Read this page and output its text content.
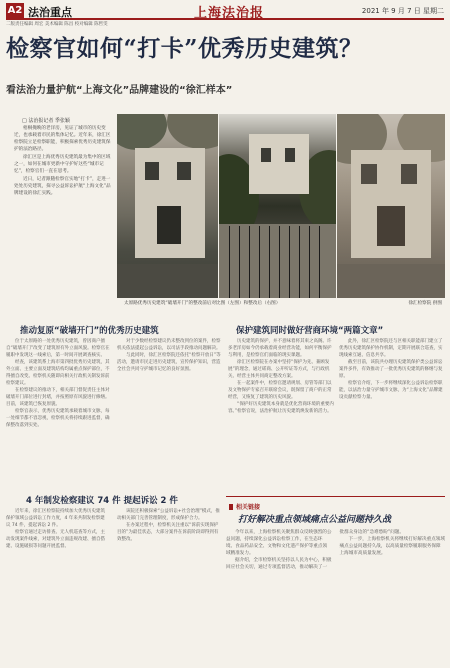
A2 法治重点	上海法治报	2021 年 9 月 7 日 星期二
二版责任编辑 周宏 美术编辑 陈昌 校对编辑 陈哲雯
检察官如何“打卡”优秀历史建筑？
看法治力量护航“上海文化”品牌建设的“徐汇样本”
□ 法治报记者 季张颖

梧桐掩映的老洋房，见证了城市的历史变迁，也承载着市民的集体记忆。近年来，徐汇区检察院立足检察职能，积极探索优秀历史建筑保护的法治路径。

徐汇区是上海优秀历史建筑最为集中的区域之一，如何在城市更新中守护好这些“城市记忆”，检察官们一直在思考。

近日，记者跟随检察官实地“打卡”，走进一处处历史建筑，探寻公益诉讼护航“上海文化”品牌建设的徐汇实践。

太原路优秀历史建筑“破墙开门”的整改前后对比图（左图）和整改后（右图）	徐汇检察院 供图
推动复原“破墙开门”的优秀历史建筑	保护建筑同时做好营商环境“两篇文章”

位于太原路的一处优秀历史建筑，曾因商户擅自“破墙开门”改变了建筑原有外立面风貌。检察官在履职中发现这一线索后，第一时间开展调查核实。

经查，该建筑系上海市第四批优秀历史建筑，其外立面、主要立面及建筑结构均属重点保护部位，不得擅自改变。检察机关随即向相关行政机关制发诉前检察建议。

在检察建议的推动下，相关部门督促责任主体对破墙开门部位进行封堵，并按照原有风貌进行修缮。目前，该建筑已恢复原貌。

检察官表示，优秀历史建筑承载着城市文脉，每一处细节都不容忽视，检察机关将持续跟进监督，确保整改落到实处。

对于少数经检察建议仍未整改到位的案件，检察机关依法提起公益诉讼，以司法手段推动问题解决。

与此同时，徐汇区检察院还依托“检察开放日”等活动，邀请市民走进历史建筑，宣传保护知识，营造全社会共同守护城市记忆的良好氛围。

历史建筑的保护，并不意味着将其束之高阁。许多老洋房如今仍承载着商业经营功能，如何平衡保护与利用，是检察官们面临的现实课题。

徐汇区检察院在办案中坚持“保护为先、兼顾发展”的理念，通过磋商、公开听证等方式，与行政机关、经营主体共同商定整改方案。

在一起案件中，检察官邀请规划、房管等部门以及文物保护专家召开联席会议，既保留了商户的正常经营，又恢复了建筑的历史风貌。

“保护好历史建筑本身就是优化营商环境的重要内容。”检察官说，法治护航让历史建筑焕发新的活力。

此外，徐汇区检察院还与区相关职能部门建立了优秀历史建筑保护协作机制，定期开展联合巡查，实现线索互通、信息共享。

截至目前，该院共办理历史建筑保护类公益诉讼案件多件，有效推动了一批优秀历史建筑的修缮与复原。

检察官介绍，下一步将继续深化公益诉讼检察职能，以法治力量守护城市文脉，为“上海文化”品牌建设贡献检察力量。

4 年制发检察建议 74 件 提起诉讼 2 件

近年来，徐汇区检察院持续加大优秀历史建筑保护领域公益诉讼工作力度，4 年来共制发检察建议 74 件，提起诉讼 2 件。

检察官通过走访排查、无人机巡查等方式，主动发现案件线索，对建筑外立面违规改建、擅自搭建、设施破损等问题开展监督。

该院还积极探索“公益诉讼+社会治理”模式，推动相关部门完善管理制度，形成保护合力。

在办案过程中，检察机关注重以“诉前实现保护目的”为最佳状态，大部分案件在诉前阶段即得到有效整改。

相关链接
打好解决重点领域痛点公益问题持久战

今年以来，上海检察机关聚焦群众反映强烈的公益问题，持续深化公益诉讼检察工作，在生态环境、食品药品安全、文物和文化遗产保护等重点领域精准发力。

据介绍，全市检察机关坚持以人民为中心，积极回应社会关切，通过专项监督活动，推动解决了一批群众身边的“急难愁盼”问题。

下一步，上海检察机关将继续打好解决重点领域痛点公益问题持久战，以高质量检察履职服务保障上海城市高质量发展。
